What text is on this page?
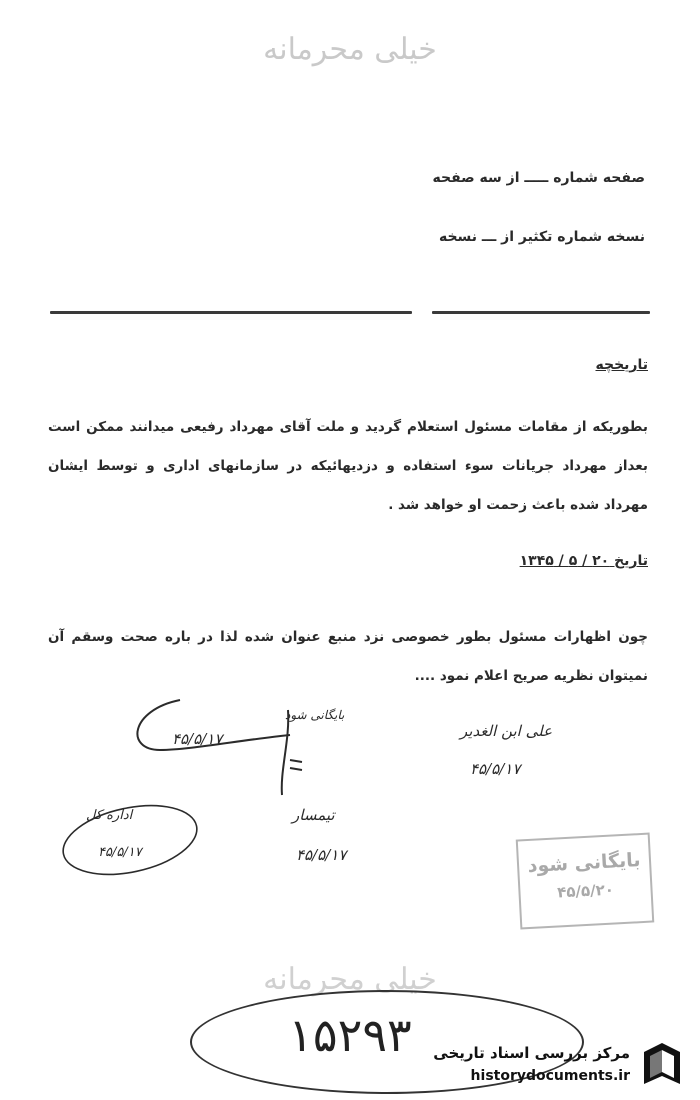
خیلی محرمانه
صفحه شماره ـــــ از سه صفحه
نسخه شماره تکثیر از ـــ نسخه
تاریخچه
بطوریکه از مقامات مسئول استعلام گردید و ملت آقای مهرداد رفیعی میدانند ممکن است بعداز مهرداد جریانات سوء استفاده و دزدیهائیکه در سازمانهای اداری و توسط ایشان مهرداد شده باعث زحمت او خواهد شد .
تاریخ ۲۰ / ۵ / ۱۳۴۵
چون اظهارات مسئول بطور خصوصی نزد منبع عنوان شده لذا در باره صحت وسقم آن نمیتوان نظریه صریح اعلام نمود ....
۴۵/۵/۱۷
بایگانی شود
علی ابن الغدیر
۴۵/۵/۱۷
اداره کل
۴۵/۵/۱۷
تیمسار
۴۵/۵/۱۷	بایگانی شود
۴۵/۵/۲۰
خیلی محرمانه
۱۵۲۹۳	مرکز بررسی اسناد تاریخی
historydocuments.ir
